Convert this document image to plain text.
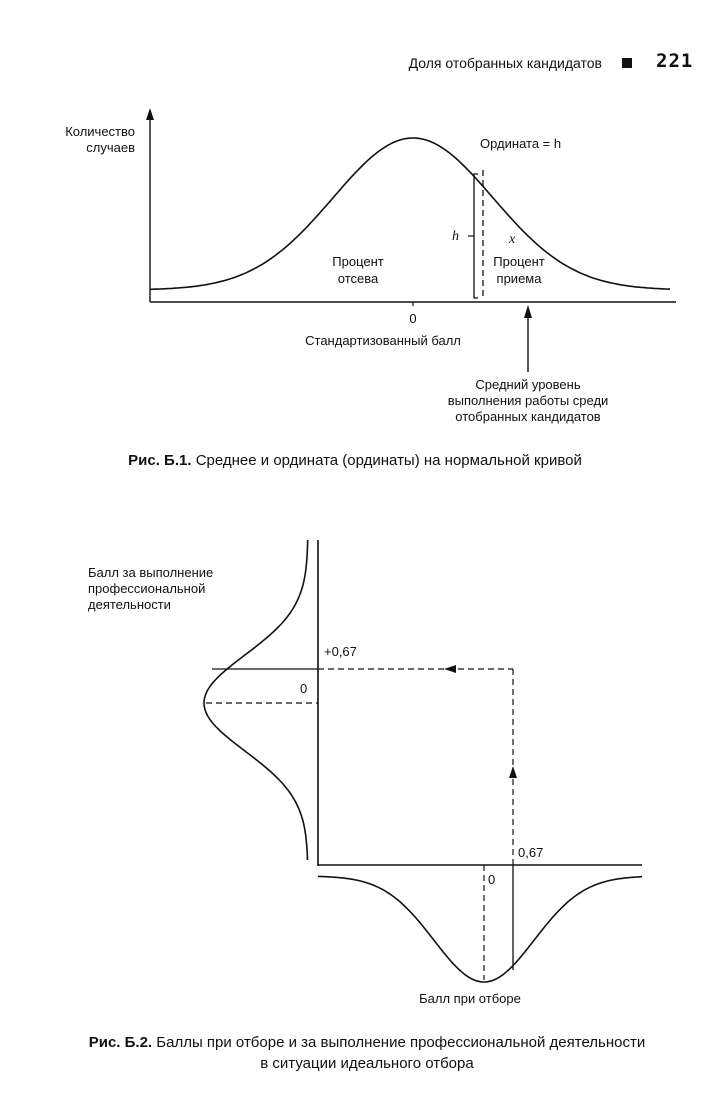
Доля отобранных кандидатов	221
Количество
случаев	Ордината = h
h	x
Процент
отсева
Процент
приема
0
Стандартизованный балл
Средний уровень
выполнения работы среди
отобранных кандидатов
Балл за выполнение
профессиональной
деятельности
+0,67
0
0,67
0
Балл при отборе
Рис. Б.1. Среднее и ордината (ординаты) на нормальной кривой
Рис. Б.2. Баллы при отборе и за выполнение профессиональной деятельности
в ситуации идеального отбора
